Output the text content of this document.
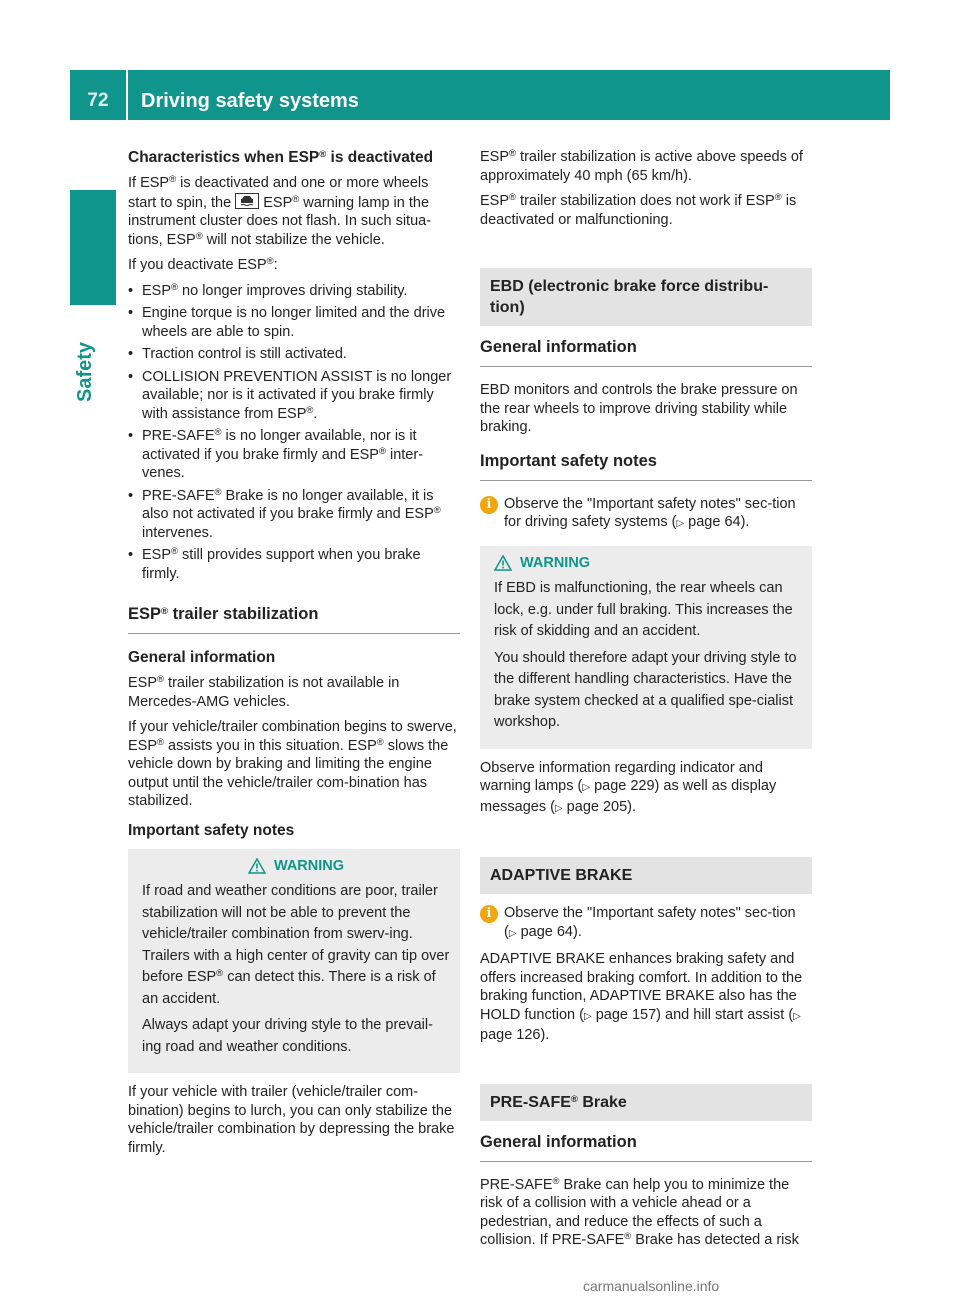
72	Driving safety systems
Safety
Characteristics when ESP® is deactivated

If ESP® is deactivated and one or more wheels start to spin, the
ESP® warning lamp in the instrument cluster does not flash. In such situa-tions, ESP® will not stabilize the vehicle.

If you deactivate ESP®:

• ESP® no longer improves driving stability.
• Engine torque is no longer limited and the drive wheels are able to spin.
• Traction control is still activated.
• COLLISION PREVENTION ASSIST is no longer available; nor is it activated if you brake firmly with assistance from ESP®.
• PRE-SAFE® is no longer available, nor is it activated if you brake firmly and ESP® inter-venes.
• PRE-SAFE® Brake is no longer available, it is also not activated if you brake firmly and ESP® intervenes.
• ESP® still provides support when you brake firmly.
ESP® trailer stabilization
General information

ESP® trailer stabilization is not available in Mercedes-AMG vehicles.

If your vehicle/trailer combination begins to swerve, ESP® assists you in this situation. ESP® slows the vehicle down by braking and limiting the engine output until the vehicle/trailer com-bination has stabilized.

Important safety notes
WARNING

If road and weather conditions are poor, trailer stabilization will not be able to prevent the vehicle/trailer combination from swerv-ing. Trailers with a high center of gravity can tip over before ESP® can detect this. There is a risk of an accident.

Always adapt your driving style to the prevail-ing road and weather conditions.

If your vehicle with trailer (vehicle/trailer com-bination) begins to lurch, you can only stabilize the vehicle/trailer combination by depressing the brake firmly.

ESP® trailer stabilization is active above speeds of approximately 40 mph (65 km/h).

ESP® trailer stabilization does not work if ESP® is deactivated or malfunctioning.

EBD (electronic brake force distribu-tion)
General information

EBD monitors and controls the brake pressure on the rear wheels to improve driving stability while braking.

Important safety notes
i Observe the "Important safety notes" sec-tion for driving safety systems (▷ page 64).
WARNING

If EBD is malfunctioning, the rear wheels can lock, e.g. under full braking. This increases the risk of skidding and an accident.

You should therefore adapt your driving style to the different handling characteristics. Have the brake system checked at a qualified spe-cialist workshop.

Observe information regarding indicator and warning lamps (▷ page 229) as well as display messages (▷ page 205).

ADAPTIVE BRAKE
i Observe the "Important safety notes" sec-tion (▷ page 64).

ADAPTIVE BRAKE enhances braking safety and offers increased braking comfort. In addition to the braking function, ADAPTIVE BRAKE also has the HOLD function (▷ page 157) and hill start assist (▷ page 126).

PRE-SAFE® Brake
General information

PRE-SAFE® Brake can help you to minimize the risk of a collision with a vehicle ahead or a pedestrian, and reduce the effects of such a collision. If PRE-SAFE® Brake has detected a risk

carmanualsonline.info
